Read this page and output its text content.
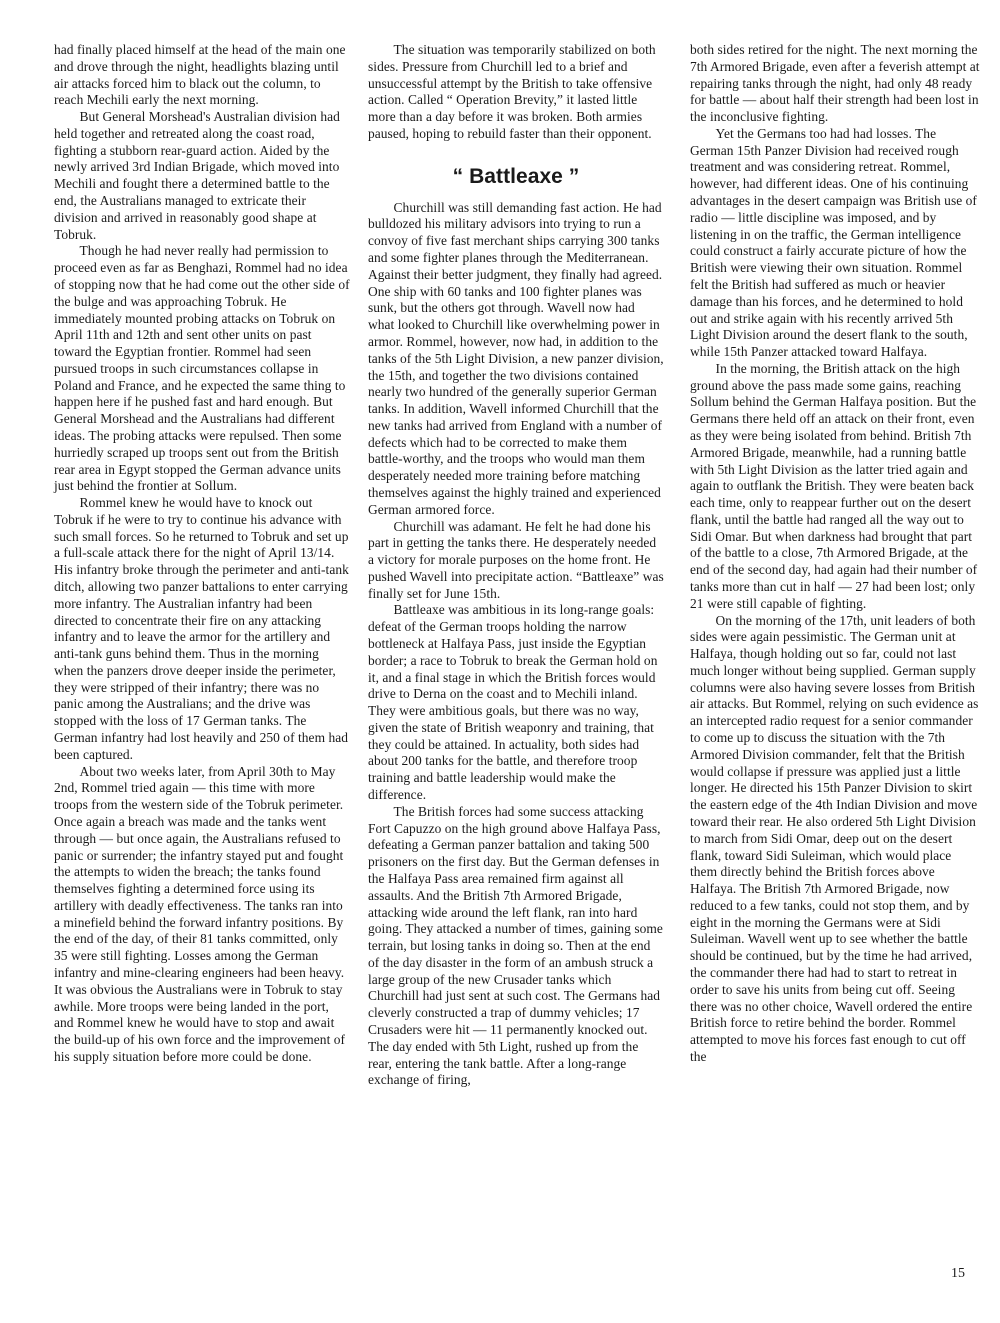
had finally placed himself at the head of the main one and drove through the night, headlights blazing until air attacks forced him to black out the column, to reach Mechili early the next morning.

But General Morshead's Australian division had held together and retreated along the coast road, fighting a stubborn rear-guard action. Aided by the newly arrived 3rd Indian Brigade, which moved into Mechili and fought there a determined battle to the end, the Australians managed to extricate their division and arrived in reasonably good shape at Tobruk.

Though he had never really had permission to proceed even as far as Benghazi, Rommel had no idea of stopping now that he had come out the other side of the bulge and was approaching Tobruk. He immediately mounted probing attacks on Tobruk on April 11th and 12th and sent other units on past toward the Egyptian frontier. Rommel had seen pursued troops in such circumstances collapse in Poland and France, and he expected the same thing to happen here if he pushed fast and hard enough. But General Morshead and the Australians had different ideas. The probing attacks were repulsed. Then some hurriedly scraped up troops sent out from the British rear area in Egypt stopped the German advance units just behind the frontier at Sollum.

Rommel knew he would have to knock out Tobruk if he were to try to continue his advance with such small forces. So he returned to Tobruk and set up a full-scale attack there for the night of April 13/14. His infantry broke through the perimeter and anti-tank ditch, allowing two panzer battalions to enter carrying more infantry. The Australian infantry had been directed to concentrate their fire on any attacking infantry and to leave the armor for the artillery and anti-tank guns behind them. Thus in the morning when the panzers drove deeper inside the perimeter, they were stripped of their infantry; there was no panic among the Australians; and the drive was stopped with the loss of 17 German tanks. The German infantry had lost heavily and 250 of them had been captured.

About two weeks later, from April 30th to May 2nd, Rommel tried again — this time with more troops from the western side of the Tobruk perimeter. Once again a breach was made and the tanks went through — but once again, the Australians refused to panic or surrender; the infantry stayed put and fought the attempts to widen the breach; the tanks found themselves fighting a determined force using its artillery with deadly effectiveness. The tanks ran into a minefield behind the forward infantry positions. By the end of the day, of their 81 tanks committed, only 35 were still fighting. Losses among the German infantry and mine-clearing engineers had been heavy. It was obvious the Australians were in Tobruk to stay awhile. More troops were being landed in the port, and Rommel knew he would have to stop and await the build-up of his own force and the improvement of his supply situation before more could be done.

The situation was temporarily stabilized on both sides. Pressure from Churchill led to a brief and unsuccessful attempt by the British to take offensive action. Called “ Operation Brevity,” it lasted little more than a day before it was broken. Both armies paused, hoping to rebuild faster than their opponent.

“ Battleaxe ”

Churchill was still demanding fast action. He had bulldozed his military advisors into trying to run a convoy of five fast merchant ships carrying 300 tanks and some fighter planes through the Mediterranean. Against their better judgment, they finally had agreed. One ship with 60 tanks and 100 fighter planes was sunk, but the others got through. Wavell now had what looked to Churchill like overwhelming power in armor. Rommel, however, now had, in addition to the tanks of the 5th Light Division, a new panzer division, the 15th, and together the two divisions contained nearly two hundred of the generally superior German tanks. In addition, Wavell informed Churchill that the new tanks had arrived from England with a number of defects which had to be corrected to make them battle-worthy, and the troops who would man them desperately needed more training before matching themselves against the highly trained and experienced German armored force.

Churchill was adamant. He felt he had done his part in getting the tanks there. He desperately needed a victory for morale purposes on the home front. He pushed Wavell into precipitate action. “Battleaxe” was finally set for June 15th.

Battleaxe was ambitious in its long-range goals: defeat of the German troops holding the narrow bottleneck at Halfaya Pass, just inside the Egyptian border; a race to Tobruk to break the German hold on it, and a final stage in which the British forces would drive to Derna on the coast and to Mechili inland. They were ambitious goals, but there was no way, given the state of British weaponry and training, that they could be attained. In actuality, both sides had about 200 tanks for the battle, and therefore troop training and battle leadership would make the difference.

The British forces had some success attacking Fort Capuzzo on the high ground above Halfaya Pass, defeating a German panzer battalion and taking 500 prisoners on the first day. But the German defenses in the Halfaya Pass area remained firm against all assaults. And the British 7th Armored Brigade, attacking wide around the left flank, ran into hard going. They attacked a number of times, gaining some terrain, but losing tanks in doing so. Then at the end of the day disaster in the form of an ambush struck a large group of the new Crusader tanks which Churchill had just sent at such cost. The Germans had cleverly constructed a trap of dummy vehicles; 17 Crusaders were hit — 11 permanently knocked out. The day ended with 5th Light, rushed up from the rear, entering the tank battle. After a long-range exchange of firing,

both sides retired for the night. The next morning the 7th Armored Brigade, even after a feverish attempt at repairing tanks through the night, had only 48 ready for battle — about half their strength had been lost in the inconclusive fighting.

Yet the Germans too had had losses. The German 15th Panzer Division had received rough treatment and was considering retreat. Rommel, however, had different ideas. One of his continuing advantages in the desert campaign was British use of radio — little discipline was imposed, and by listening in on the traffic, the German intelligence could construct a fairly accurate picture of how the British were viewing their own situation. Rommel felt the British had suffered as much or heavier damage than his forces, and he determined to hold out and strike again with his recently arrived 5th Light Division around the desert flank to the south, while 15th Panzer attacked toward Halfaya.

In the morning, the British attack on the high ground above the pass made some gains, reaching Sollum behind the German Halfaya position. But the Germans there held off an attack on their front, even as they were being isolated from behind. British 7th Armored Brigade, meanwhile, had a running battle with 5th Light Division as the latter tried again and again to outflank the British. They were beaten back each time, only to reappear further out on the desert flank, until the battle had ranged all the way out to Sidi Omar. But when darkness had brought that part of the battle to a close, 7th Armored Brigade, at the end of the second day, had again had their number of tanks more than cut in half — 27 had been lost; only 21 were still capable of fighting.

On the morning of the 17th, unit leaders of both sides were again pessimistic. The German unit at Halfaya, though holding out so far, could not last much longer without being supplied. German supply columns were also having severe losses from British air attacks. But Rommel, relying on such evidence as an intercepted radio request for a senior commander to come up to discuss the situation with the 7th Armored Division commander, felt that the British would collapse if pressure was applied just a little longer. He directed his 15th Panzer Division to skirt the eastern edge of the 4th Indian Division and move toward their rear. He also ordered 5th Light Division to march from Sidi Omar, deep out on the desert flank, toward Sidi Suleiman, which would place them directly behind the British forces above Halfaya. The British 7th Armored Brigade, now reduced to a few tanks, could not stop them, and by eight in the morning the Germans were at Sidi Suleiman. Wavell went up to see whether the battle should be continued, but by the time he had arrived, the commander there had had to start to retreat in order to save his units from being cut off. Seeing there was no other choice, Wavell ordered the entire British force to retire behind the border. Rommel attempted to move his forces fast enough to cut off the

15
